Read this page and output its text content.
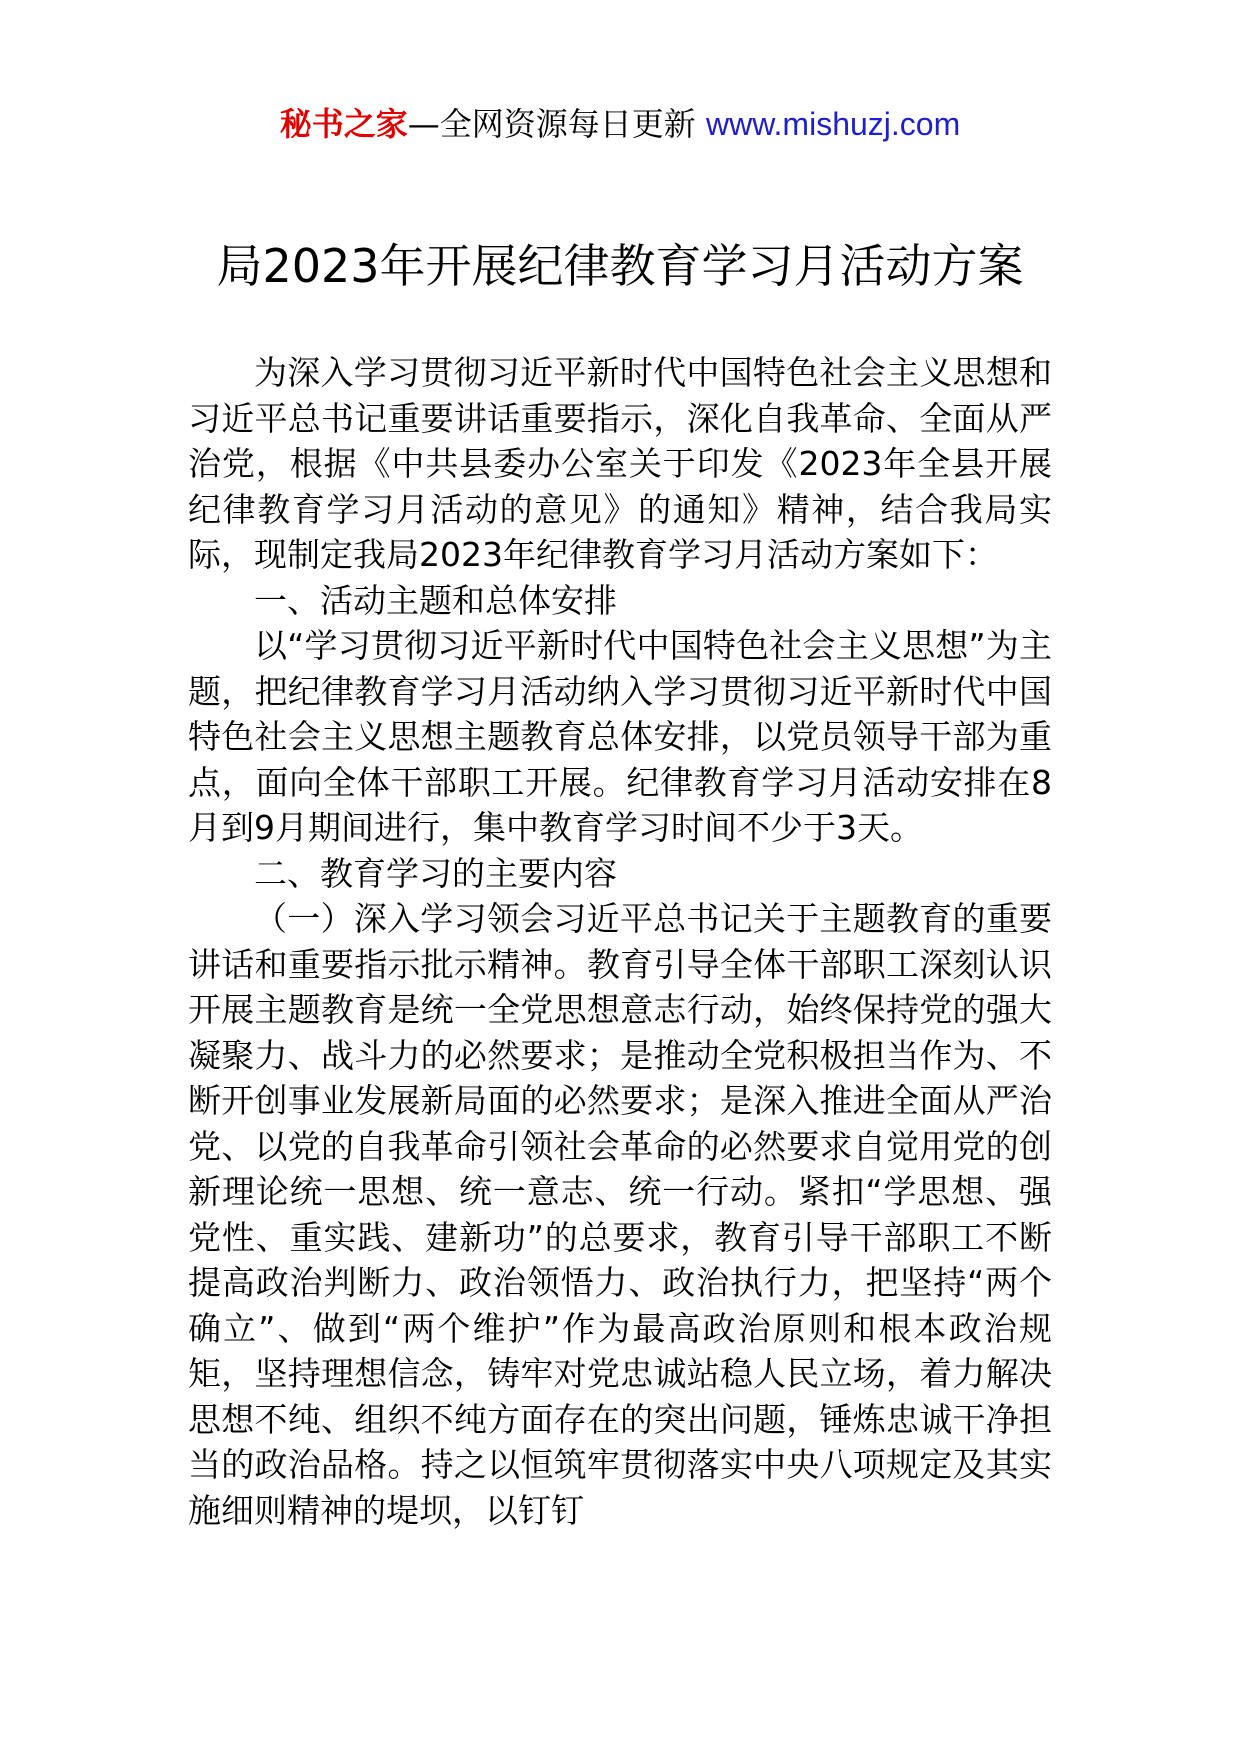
秘书之家—全网资源每日更新 www.mishuzj.com
局2023年开展纪律教育学习月活动方案

为深入学习贯彻习近平新时代中国特色社会主义思想和习近平总书记重要讲话重要指示，深化自我革命、全面从严治党，根据《中共县委办公室关于印发《2023年全县开展纪律教育学习月活动的意见》的通知》精神，结合我局实际，现制定我局2023年纪律教育学习月活动方案如下：

一、活动主题和总体安排

以“学习贯彻习近平新时代中国特色社会主义思想”为主题，把纪律教育学习月活动纳入学习贯彻习近平新时代中国特色社会主义思想主题教育总体安排，以党员领导干部为重点，面向全体干部职工开展。纪律教育学习月活动安排在8月到9月期间进行，集中教育学习时间不少于3天。

二、教育学习的主要内容

（一）深入学习领会习近平总书记关于主题教育的重要讲话和重要指示批示精神。教育引导全体干部职工深刻认识开展主题教育是统一全党思想意志行动，始终保持党的强大凝聚力、战斗力的必然要求；是推动全党积极担当作为、不断开创事业发展新局面的必然要求；是深入推进全面从严治党、以党的自我革命引领社会革命的必然要求自觉用党的创新理论统一思想、统一意志、统一行动。紧扣“学思想、强党性、重实践、建新功”的总要求，教育引导干部职工不断提高政治判断力、政治领悟力、政治执行力，把坚持“两个确立”、做到“两个维护”作为最高政治原则和根本政治规矩，坚持理想信念，铸牢对党忠诚站稳人民立场，着力解决思想不纯、组织不纯方面存在的突出问题，锤炼忠诚干净担当的政治品格。持之以恒筑牢贯彻落实中央八项规定及其实施细则精神的堤坝，以钉钉
